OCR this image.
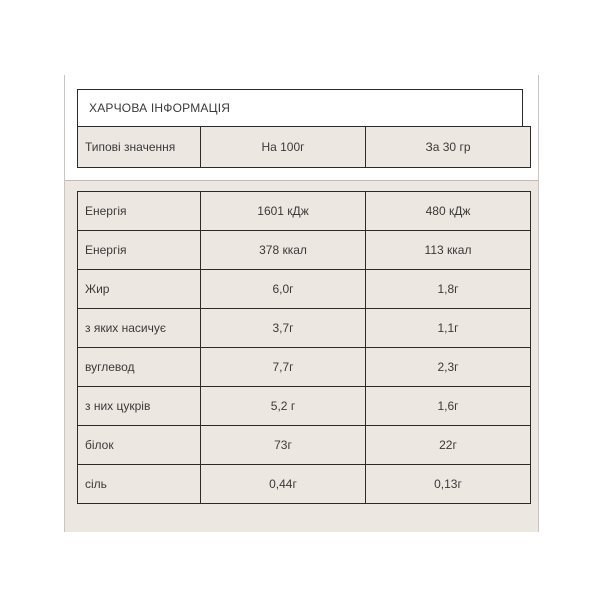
ХАРЧОВА ІНФОРМАЦІЯ
Типові значення	На 100г	За 30 гр
Енергія	1601 кДж	480 кДж
Енергія	378 ккал	113 ккал
Жир	6,0г	1,8г
з яких насичує	3,7г	1,1г
вуглевод	7,7г	2,3г
з них цукрів	5,2 г	1,6г
білок	73г	22г
сіль	0,44г	0,13г
